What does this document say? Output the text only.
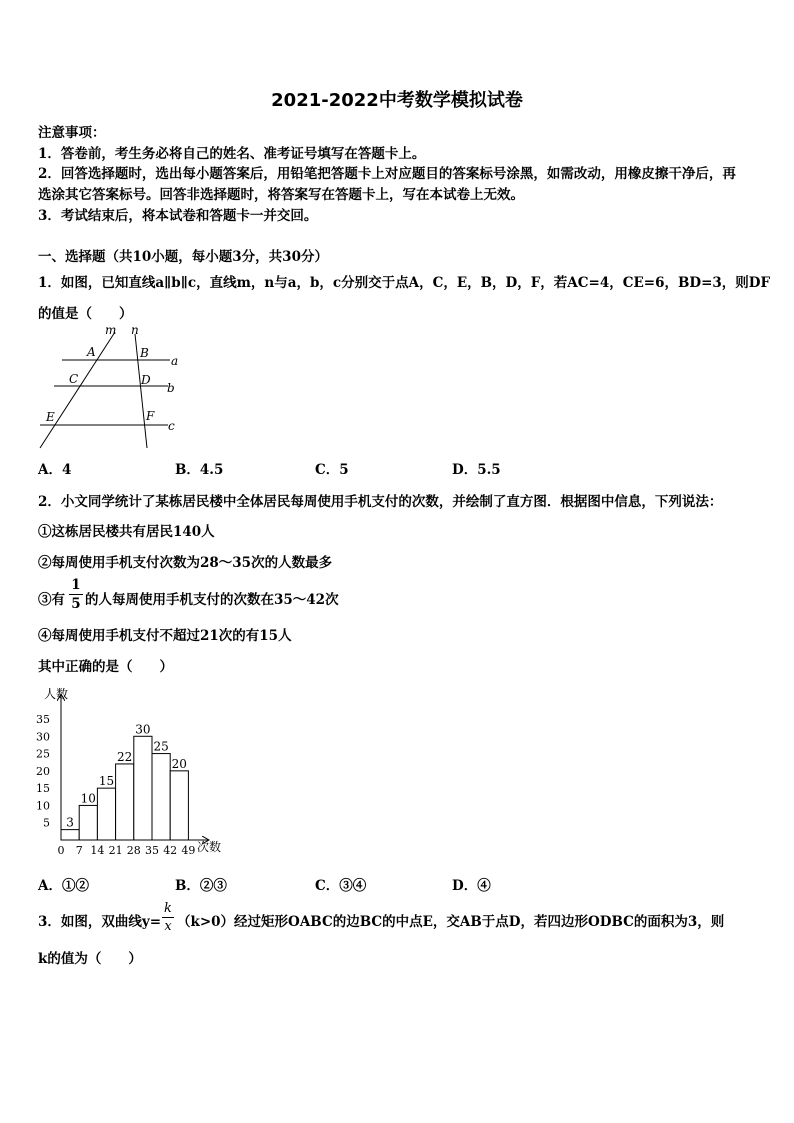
2021-2022中考数学模拟试卷
注意事项：
1．答卷前，考生务必将自己的姓名、准考证号填写在答题卡上。
2．回答选择题时，选出每小题答案后，用铅笔把答题卡上对应题目的答案标号涂黑，如需改动，用橡皮擦干净后，再
选涂其它答案标号。回答非选择题时，将答案写在答题卡上，写在本试卷上无效。
3．考试结束后，将本试卷和答题卡一并交回。
一、选择题（共10小题，每小题3分，共30分）
1．如图，已知直线a∥b∥c，直线m，n与a，b，c分别交于点A，C，E，B，D，F，若AC=4，CE=6，BD=3，则DF
的值是（　　）
m n
A	B
a
C	D
b
E	F
c
A．4	B．4.5	C．5	D．5.5
2．小文同学统计了某栋居民楼中全体居民每周使用手机支付的次数，并绘制了直方图．根据图中信息，下列说法：
①这栋居民楼共有居民140人
②每周使用手机支付次数为28～35次的人数最多
③有
1
5 的人每周使用手机支付的次数在35～42次
④每周使用手机支付不超过21次的有15人
其中正确的是（　　）
人数
次数
3
10
15
22
30
25
20
5
10
15
20
25
30
35
0 7 14 21 28 35 42 49
A．①②	B．②③	C．③④	D．④
3．如图，双曲线y=
k
x （k>0）经过矩形OABC的边BC的中点E，交AB于点D，若四边形ODBC的面积为3，则
k的值为（　　）
